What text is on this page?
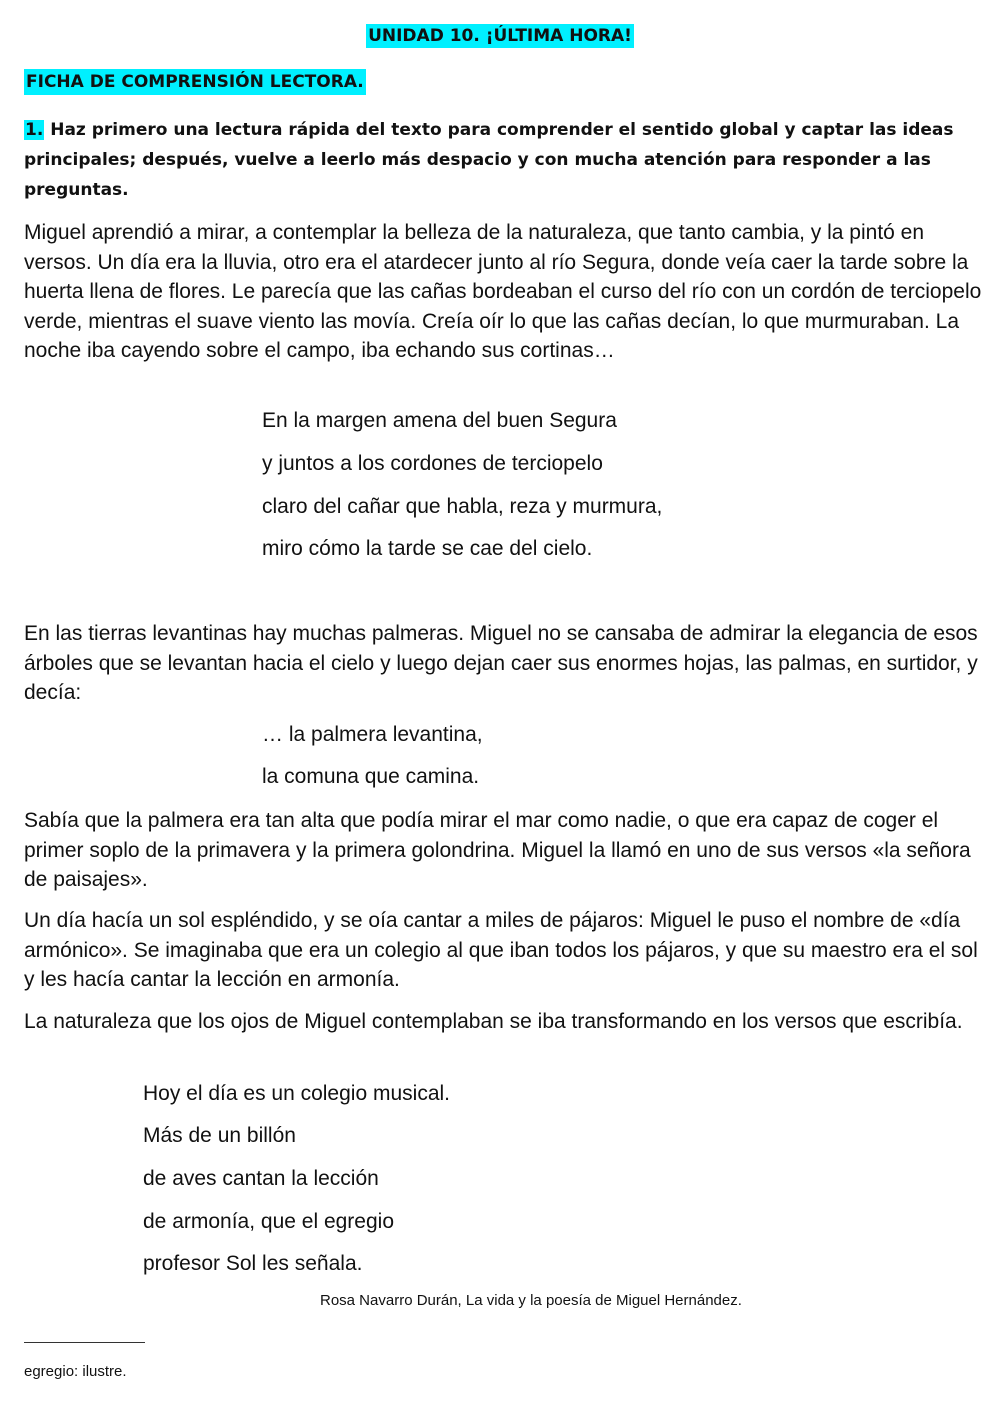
UNIDAD 10. ¡ÚLTIMA HORA!
FICHA DE COMPRENSIÓN LECTORA.
1. Haz primero una lectura rápida del texto para comprender el sentido global y captar las ideas principales; después, vuelve a leerlo más despacio y con mucha atención para responder a las preguntas.

Miguel aprendió a mirar, a contemplar la belleza de la naturaleza, que tanto cambia, y la pintó en versos. Un día era la lluvia, otro era el atardecer junto al río Segura, donde veía caer la tarde sobre la huerta llena de flores. Le parecía que las cañas bordeaban el curso del río con un cordón de terciopelo verde, mientras el suave viento las movía. Creía oír lo que las cañas decían, lo que murmuraban. La noche iba cayendo sobre el campo, iba echando sus cortinas…

En la margen amena del buen Segura

y juntos a los cordones de terciopelo

claro del cañar que habla, reza y murmura,

miro cómo la tarde se cae del cielo.

En las tierras levantinas hay muchas palmeras. Miguel no se cansaba de admirar la elegancia de esos árboles que se levantan hacia el cielo y luego dejan caer sus enormes hojas, las palmas, en surtidor, y decía:

… la palmera levantina,

la comuna que camina.

Sabía que la palmera era tan alta que podía mirar el mar como nadie, o que era capaz de coger el primer soplo de la primavera y la primera golondrina. Miguel la llamó en uno de sus versos «la señora de paisajes».

Un día hacía un sol espléndido, y se oía cantar a miles de pájaros: Miguel le puso el nombre de «día armónico». Se imaginaba que era un colegio al que iban todos los pájaros, y que su maestro era el sol y les hacía cantar la lección en armonía.

La naturaleza que los ojos de Miguel contemplaban se iba transformando en los versos que escribía.

Hoy el día es un colegio musical.

Más de un billón

de aves cantan la lección

de armonía, que el egregio

profesor Sol les señala.

Rosa Navarro Durán, La vida y la poesía de Miguel Hernández.
egregio: ilustre.
